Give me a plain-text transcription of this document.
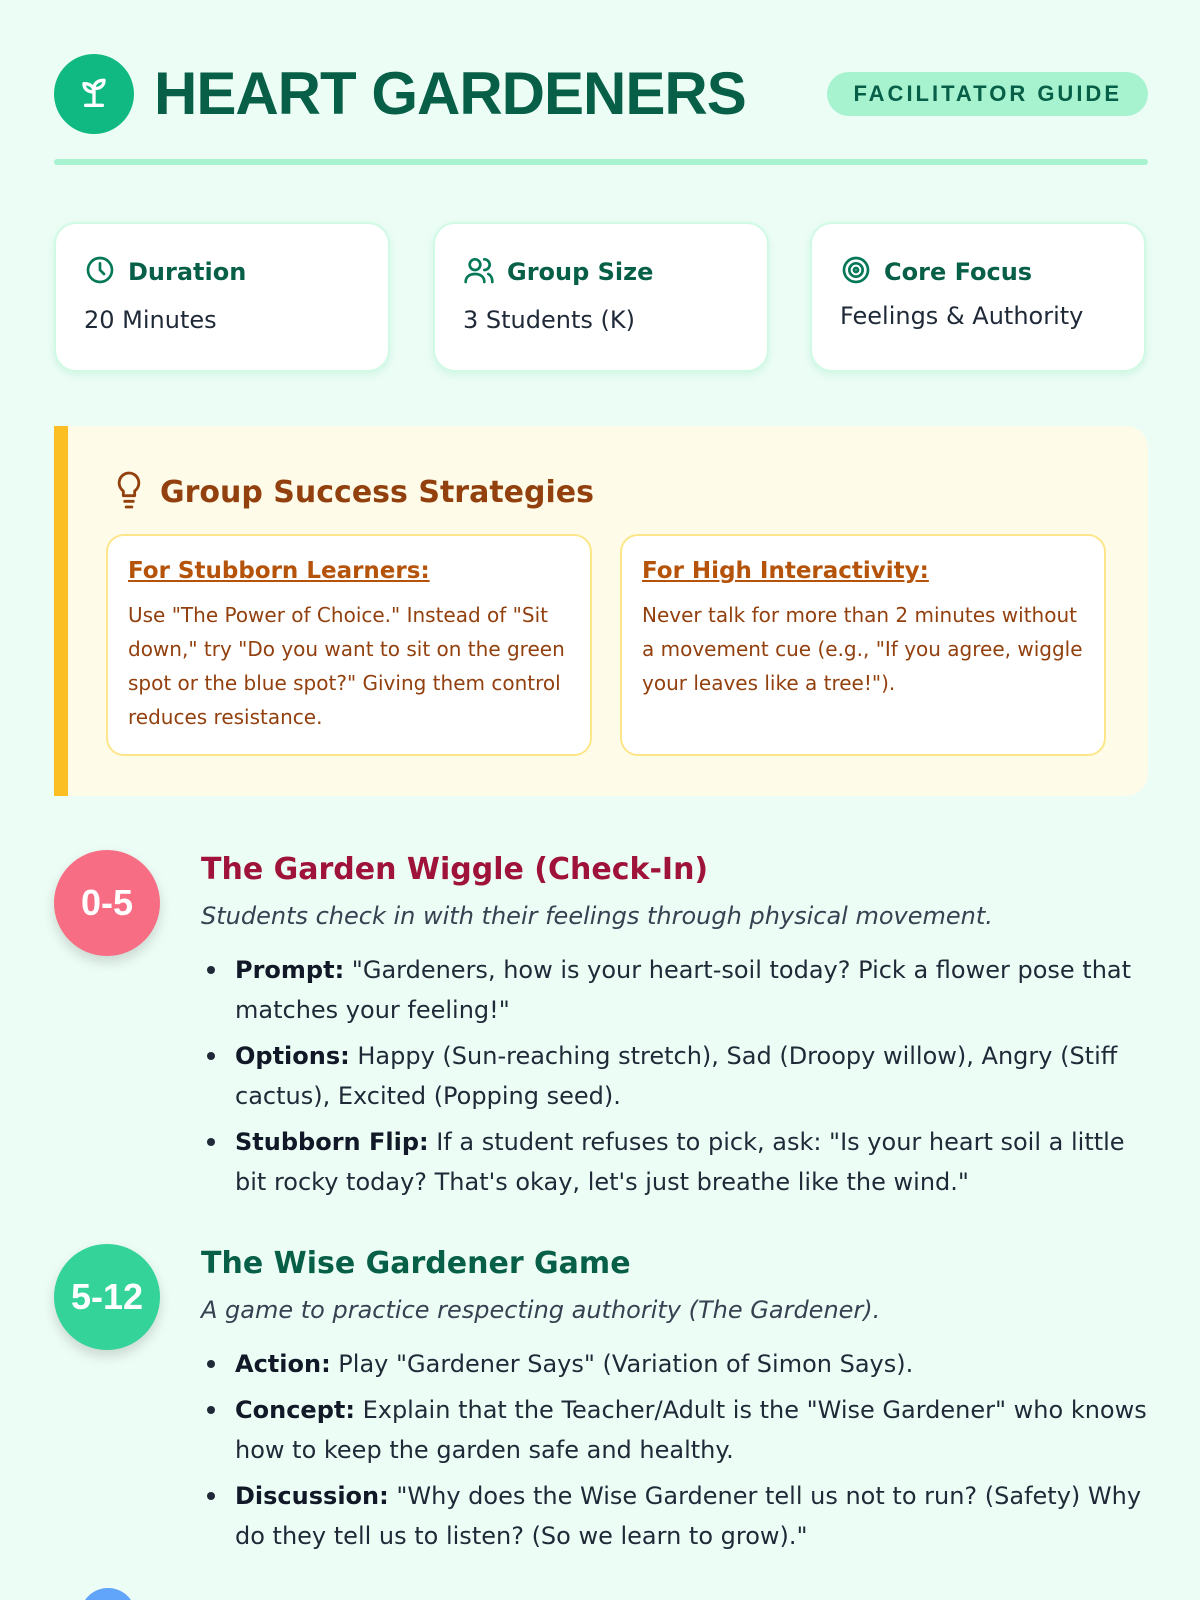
HEART GARDENERS	FACILITATOR GUIDE
Duration
20 Minutes
Group Size
3 Students (K)
Core Focus
Feelings & Authority
Group Success Strategies
For Stubborn Learners:
Use "The Power of Choice." Instead of "Sit down," try "Do you want to sit on the green spot or the blue spot?" Giving them control reduces resistance.
For High Interactivity:
Never talk for more than 2 minutes without a movement cue (e.g., "If you agree, wiggle your leaves like a tree!").
0-5
The Garden Wiggle (Check-In)
Students check in with their feelings through physical movement.
Prompt: "Gardeners, how is your heart-soil today? Pick a flower pose that matches your feeling!"
Options: Happy (Sun-reaching stretch), Sad (Droopy willow), Angry (Stiff cactus), Excited (Popping seed).
Stubborn Flip: If a student refuses to pick, ask: "Is your heart soil a little bit rocky today? That's okay, let's just breathe like the wind."
5-12
The Wise Gardener Game
A game to practice respecting authority (The Gardener).
Action: Play "Gardener Says" (Variation of Simon Says).
Concept: Explain that the Teacher/Adult is the "Wise Gardener" who knows how to keep the garden safe and healthy.
Discussion: "Why does the Wise Gardener tell us not to run? (Safety) Why do they tell us to listen? (So we learn to grow)."
